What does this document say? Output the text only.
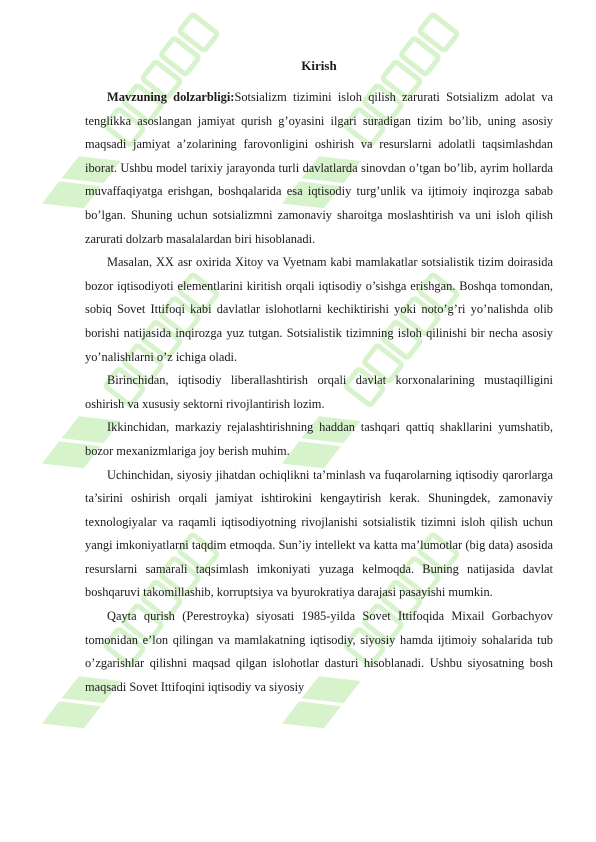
Kirish

Mavzuning dolzarbligi:Sotsializm tizimini isloh qilish zarurati Sotsializm adolat va tenglikka asoslangan jamiyat qurish g’oyasini ilgari suradigan tizim bo’lib, uning asosiy maqsadi jamiyat a’zolarining farovonligini oshirish va resurslarni adolatli taqsimlashdan iborat. Ushbu model tarixiy jarayonda turli davlatlarda sinovdan o’tgan bo’lib, ayrim hollarda muvaffaqiyatga erishgan, boshqalarida esa iqtisodiy turg’unlik va ijtimoiy inqirozga sabab bo’lgan. Shuning uchun sotsializmni zamonaviy sharoitga moslashtirish va uni isloh qilish zarurati dolzarb masalalardan biri hisoblanadi.

Masalan, XX asr oxirida Xitoy va Vyetnam kabi mamlakatlar sotsialistik tizim doirasida bozor iqtisodiyoti elementlarini kiritish orqali iqtisodiy o’sishga erishgan. Boshqa tomondan, sobiq Sovet Ittifoqi kabi davlatlar islohotlarni kechiktirishi yoki noto’g’ri yo’nalishda olib borishi natijasida inqirozga yuz tutgan. Sotsialistik tizimning isloh qilinishi bir necha asosiy yo’nalishlarni o’z ichiga oladi.

Birinchidan, iqtisodiy liberallashtirish orqali davlat korxonalarining mustaqilligini oshirish va xususiy sektorni rivojlantirish lozim.

Ikkinchidan, markaziy rejalashtirishning haddan tashqari qattiq shakllarini yumshatib, bozor mexanizmlariga joy berish muhim.

Uchinchidan, siyosiy jihatdan ochiqlikni ta’minlash va fuqarolarning iqtisodiy qarorlarga ta’sirini oshirish orqali jamiyat ishtirokini kengaytirish kerak. Shuningdek, zamonaviy texnologiyalar va raqamli iqtisodiyotning rivojlanishi sotsialistik tizimni isloh qilish uchun yangi imkoniyatlarni taqdim etmoqda. Sun’iy intellekt va katta ma’lumotlar (big data) asosida resurslarni samarali taqsimlash imkoniyati yuzaga kelmoqda. Buning natijasida davlat boshqaruvi takomillashib, korruptsiya va byurokratiya darajasi pasayishi mumkin.

Qayta qurish (Perestroyka) siyosati 1985-yilda Sovet Ittifoqida Mixail Gorbachyov tomonidan e’lon qilingan va mamlakatning iqtisodiy, siyosiy hamda ijtimoiy sohalarida tub o’zgarishlar qilishni maqsad qilgan islohotlar dasturi hisoblanadi. Ushbu siyosatning bosh maqsadi Sovet Ittifoqini iqtisodiy va siyosiy
